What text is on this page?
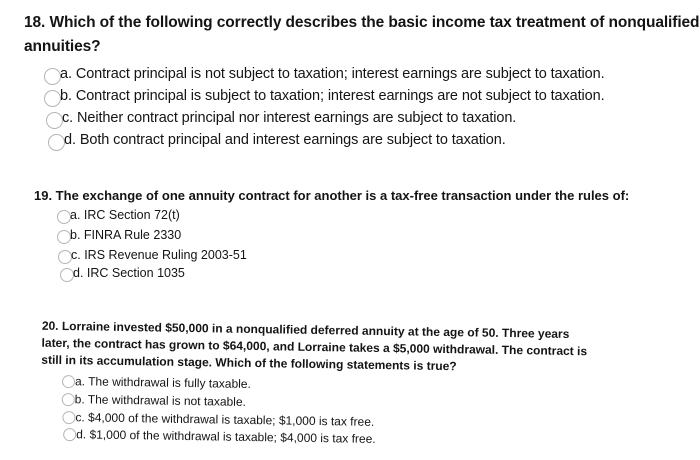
18. Which of the following correctly describes the basic income tax treatment of nonqualified
annuities?
a. Contract principal is not subject to taxation; interest earnings are subject to taxation.
b. Contract principal is subject to taxation; interest earnings are not subject to taxation.
c. Neither contract principal nor interest earnings are subject to taxation.
d. Both contract principal and interest earnings are subject to taxation.
19. The exchange of one annuity contract for another is a tax-free transaction under the rules of:
a. IRC Section 72(t)
b. FINRA Rule 2330
c. IRS Revenue Ruling 2003-51
d. IRC Section 1035
20. Lorraine invested $50,000 in a nonqualified deferred annuity at the age of 50. Three years
later, the contract has grown to $64,000, and Lorraine takes a $5,000 withdrawal. The contract is
still in its accumulation stage. Which of the following statements is true?
a. The withdrawal is fully taxable.
b. The withdrawal is not taxable.
c. $4,000 of the withdrawal is taxable; $1,000 is tax free.
d. $1,000 of the withdrawal is taxable; $4,000 is tax free.
